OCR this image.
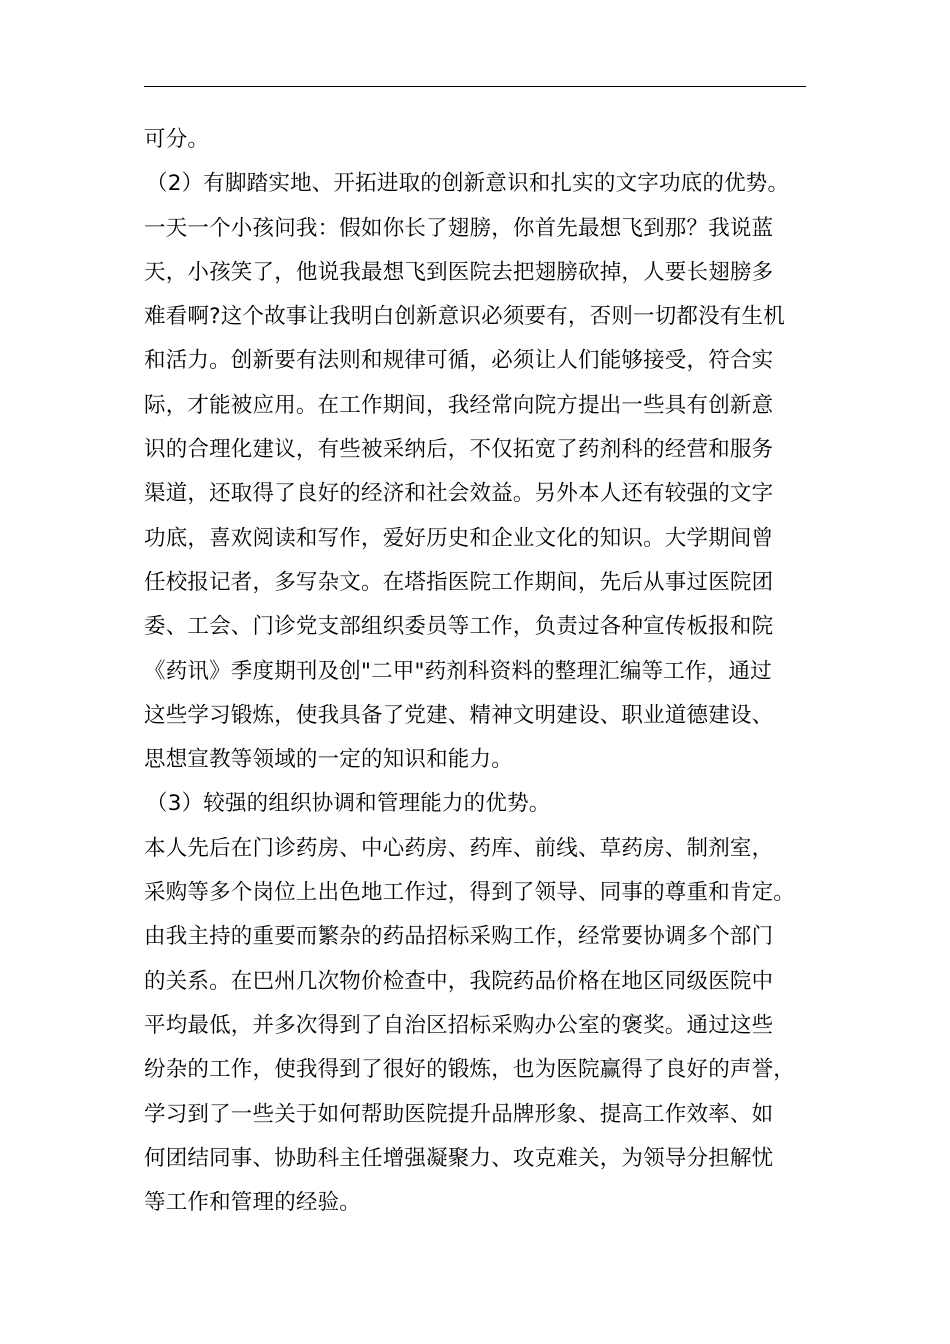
可分。
（2）有脚踏实地、开拓进取的创新意识和扎实的文字功底的优势。
一天一个小孩问我：假如你长了翅膀，你首先最想飞到那？我说蓝
天，小孩笑了，他说我最想飞到医院去把翅膀砍掉，人要长翅膀多
难看啊?这个故事让我明白创新意识必须要有，否则一切都没有生机
和活力。创新要有法则和规律可循，必须让人们能够接受，符合实
际，才能被应用。在工作期间，我经常向院方提出一些具有创新意
识的合理化建议，有些被采纳后，不仅拓宽了药剂科的经营和服务
渠道，还取得了良好的经济和社会效益。另外本人还有较强的文字
功底，喜欢阅读和写作，爱好历史和企业文化的知识。大学期间曾
任校报记者，多写杂文。在塔指医院工作期间，先后从事过医院团
委、工会、门诊党支部组织委员等工作，负责过各种宣传板报和院
《药讯》季度期刊及创"二甲"药剂科资料的整理汇编等工作，通过
这些学习锻炼，使我具备了党建、精神文明建设、职业道德建设、
思想宣教等领域的一定的知识和能力。
（3）较强的组织协调和管理能力的优势。
本人先后在门诊药房、中心药房、药库、前线、草药房、制剂室，
采购等多个岗位上出色地工作过，得到了领导、同事的尊重和肯定。
由我主持的重要而繁杂的药品招标采购工作，经常要协调多个部门
的关系。在巴州几次物价检查中，我院药品价格在地区同级医院中
平均最低，并多次得到了自治区招标采购办公室的褒奖。通过这些
纷杂的工作，使我得到了很好的锻炼，也为医院赢得了良好的声誉，
学习到了一些关于如何帮助医院提升品牌形象、提高工作效率、如
何团结同事、协助科主任增强凝聚力、攻克难关，为领导分担解忧
等工作和管理的经验。
